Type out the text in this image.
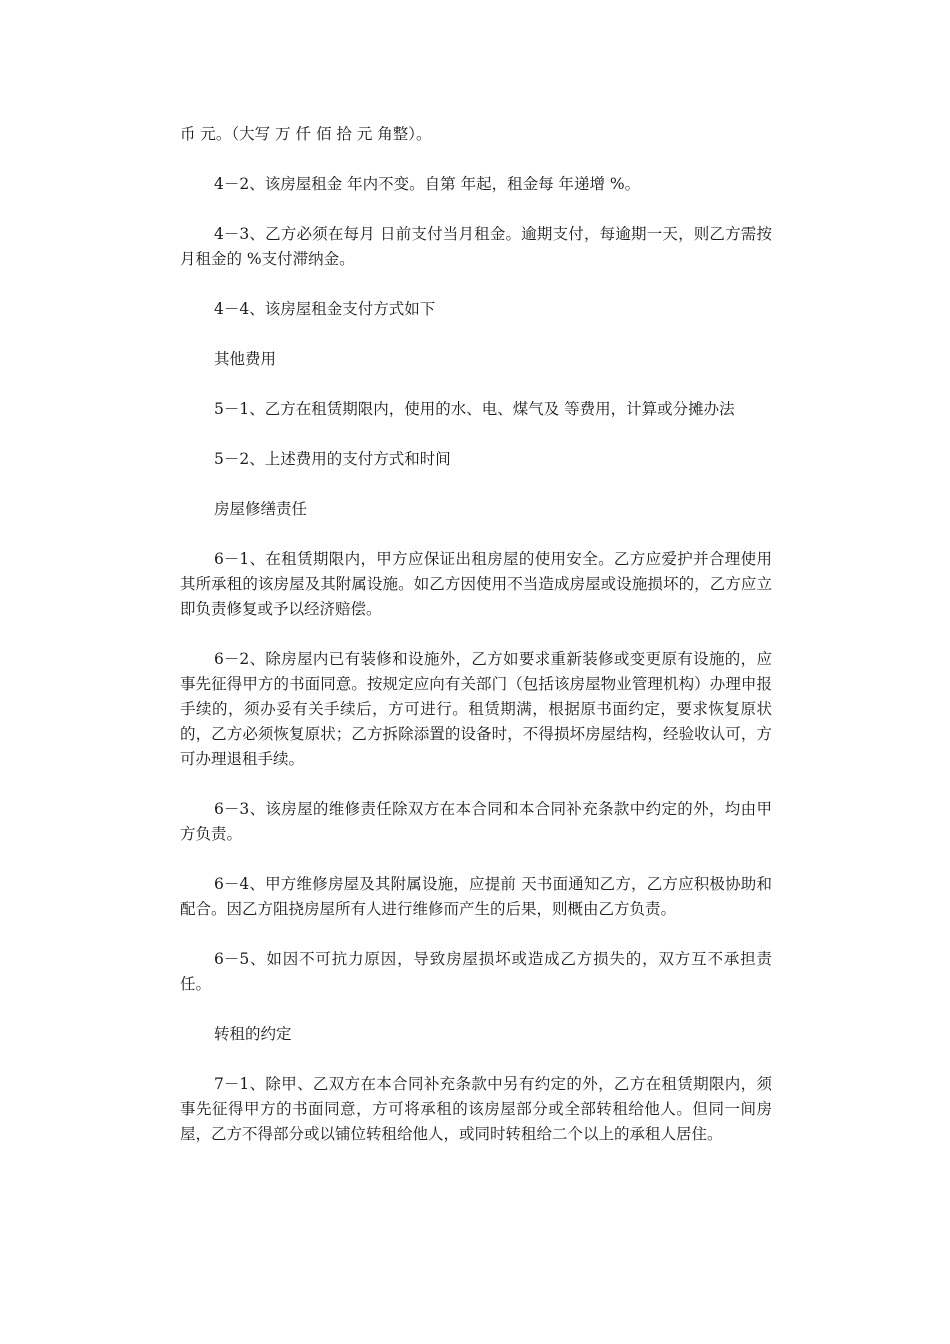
币 元。（大写 万 仟 佰 拾 元 角整）。

4－2、该房屋租金 年内不变。自第 年起，租金每 年递增 %。

4－3、乙方必须在每月 日前支付当月租金。逾期支付，每逾期一天，则乙方需按月租金的 %支付滞纳金。

4－4、该房屋租金支付方式如下

其他费用

5－1、乙方在租赁期限内，使用的水、电、煤气及 等费用，计算或分摊办法

5－2、上述费用的支付方式和时间

房屋修缮责任

6－1、在租赁期限内，甲方应保证出租房屋的使用安全。乙方应爱护并合理使用其所承租的该房屋及其附属设施。如乙方因使用不当造成房屋或设施损坏的，乙方应立即负责修复或予以经济赔偿。

6－2、除房屋内已有装修和设施外，乙方如要求重新装修或变更原有设施的，应事先征得甲方的书面同意。按规定应向有关部门（包括该房屋物业管理机构）办理申报手续的，须办妥有关手续后，方可进行。租赁期满，根据原书面约定，要求恢复原状的，乙方必须恢复原状；乙方拆除添置的设备时，不得损坏房屋结构，经验收认可，方可办理退租手续。

6－3、该房屋的维修责任除双方在本合同和本合同补充条款中约定的外，均由甲方负责。

6－4、甲方维修房屋及其附属设施，应提前 天书面通知乙方，乙方应积极协助和配合。因乙方阻挠房屋所有人进行维修而产生的后果，则概由乙方负责。

6－5、如因不可抗力原因，导致房屋损坏或造成乙方损失的，双方互不承担责任。

转租的约定

7－1、除甲、乙双方在本合同补充条款中另有约定的外，乙方在租赁期限内，须事先征得甲方的书面同意，方可将承租的该房屋部分或全部转租给他人。但同一间房屋，乙方不得部分或以铺位转租给他人，或同时转租给二个以上的承租人居住。
